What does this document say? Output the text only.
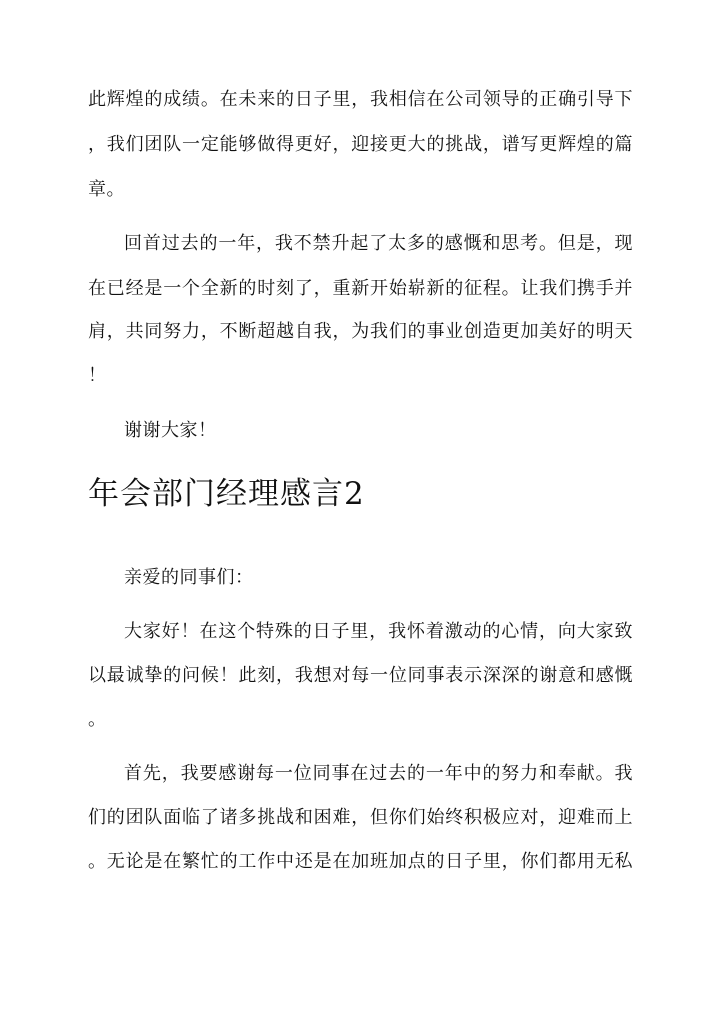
此辉煌的成绩。在未来的日子里，我相信在公司领导的正确引导下
，我们团队一定能够做得更好，迎接更大的挑战，谱写更辉煌的篇
章。
回首过去的一年，我不禁升起了太多的感慨和思考。但是，现
在已经是一个全新的时刻了，重新开始崭新的征程。让我们携手并
肩，共同努力，不断超越自我，为我们的事业创造更加美好的明天
！
谢谢大家！
年会部门经理感言2
亲爱的同事们：
大家好！在这个特殊的日子里，我怀着激动的心情，向大家致
以最诚挚的问候！此刻，我想对每一位同事表示深深的谢意和感慨
。
首先，我要感谢每一位同事在过去的一年中的努力和奉献。我
们的团队面临了诸多挑战和困难，但你们始终积极应对，迎难而上
。无论是在繁忙的工作中还是在加班加点的日子里，你们都用无私
